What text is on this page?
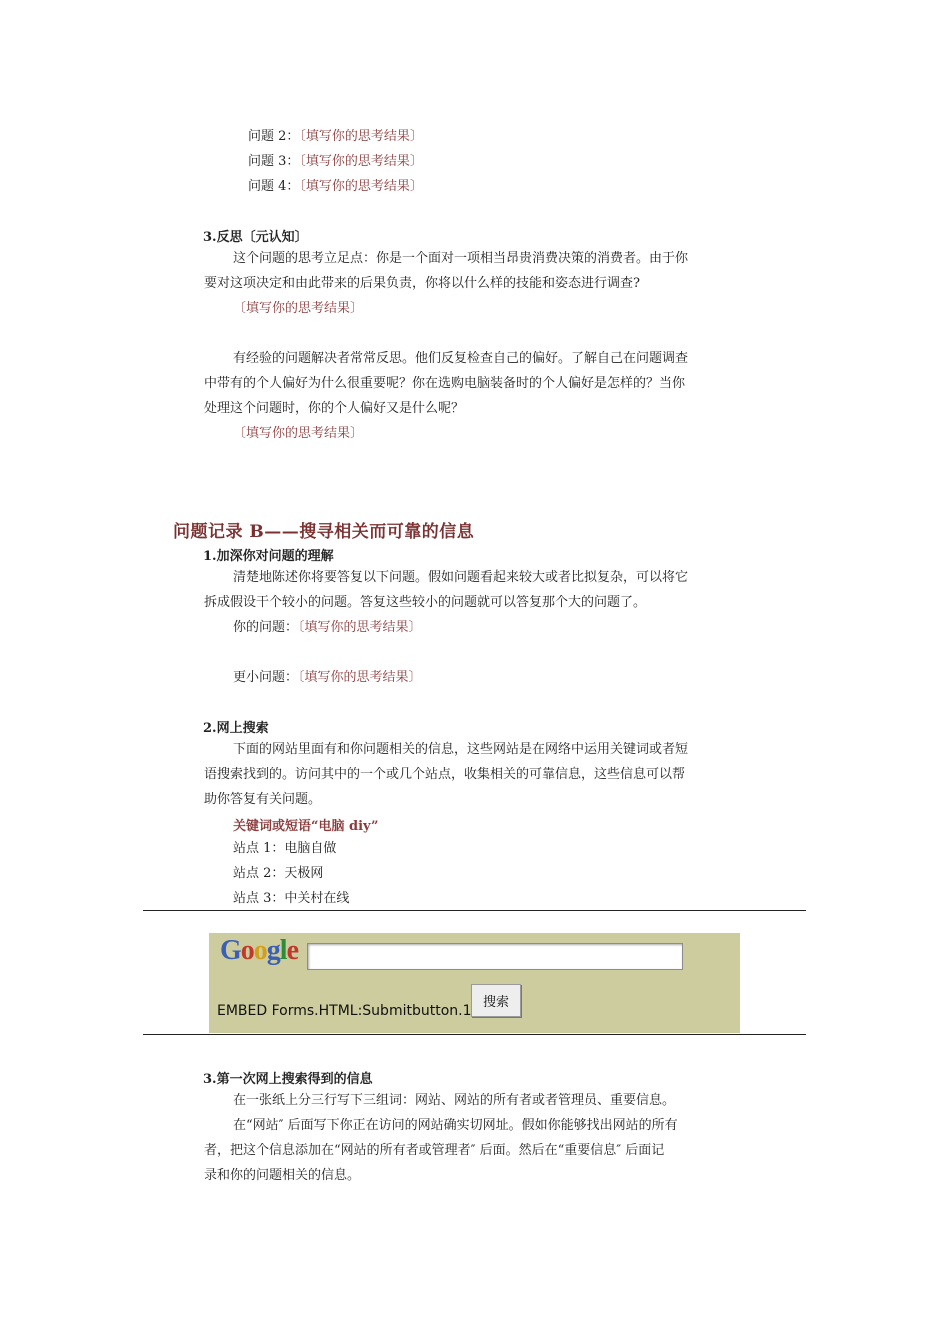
问题 2：〔填写你的思考结果〕
问题 3：〔填写你的思考结果〕
问题 4：〔填写你的思考结果〕
3.反思〔元认知〕
这个问题的思考立足点：你是一个面对一项相当昂贵消费决策的消费者。由于你
要对这项决定和由此带来的后果负责，你将以什么样的技能和姿态进行调查?
〔填写你的思考结果〕
有经验的问题解决者常常反思。他们反复检查自己的偏好。了解自己在问题调查
中带有的个人偏好为什么很重要呢？你在选购电脑装备时的个人偏好是怎样的？当你
处理这个问题时，你的个人偏好又是什么呢？
〔填写你的思考结果〕
问题记录 B——搜寻相关而可靠的信息
1.加深你对问题的理解
清楚地陈述你将要答复以下问题。假如问题看起来较大或者比拟复杂，可以将它
拆成假设干个较小的问题。答复这些较小的问题就可以答复那个大的问题了。
你的问题：〔填写你的思考结果〕
更小问题：〔填写你的思考结果〕
2.网上搜索
下面的网站里面有和你问题相关的信息，这些网站是在网络中运用关键词或者短
语搜索找到的。访问其中的一个或几个站点，收集相关的可靠信息，这些信息可以帮
助你答复有关问题。
关键词或短语“电脑 diy”
站点 1：电脑自做
站点 2：天极网
站点 3：中关村在线
Google
EMBED Forms.HTML:Submitbutton.1
搜索
3.第一次网上搜索得到的信息
在一张纸上分三行写下三组词：网站、网站的所有者或者管理员、重要信息。
在“网站″ 后面写下你正在访问的网站确实切网址。假如你能够找出网站的所有
者，把这个信息添加在“网站的所有者或管理者″ 后面。然后在“重要信息″ 后面记
录和你的问题相关的信息。
